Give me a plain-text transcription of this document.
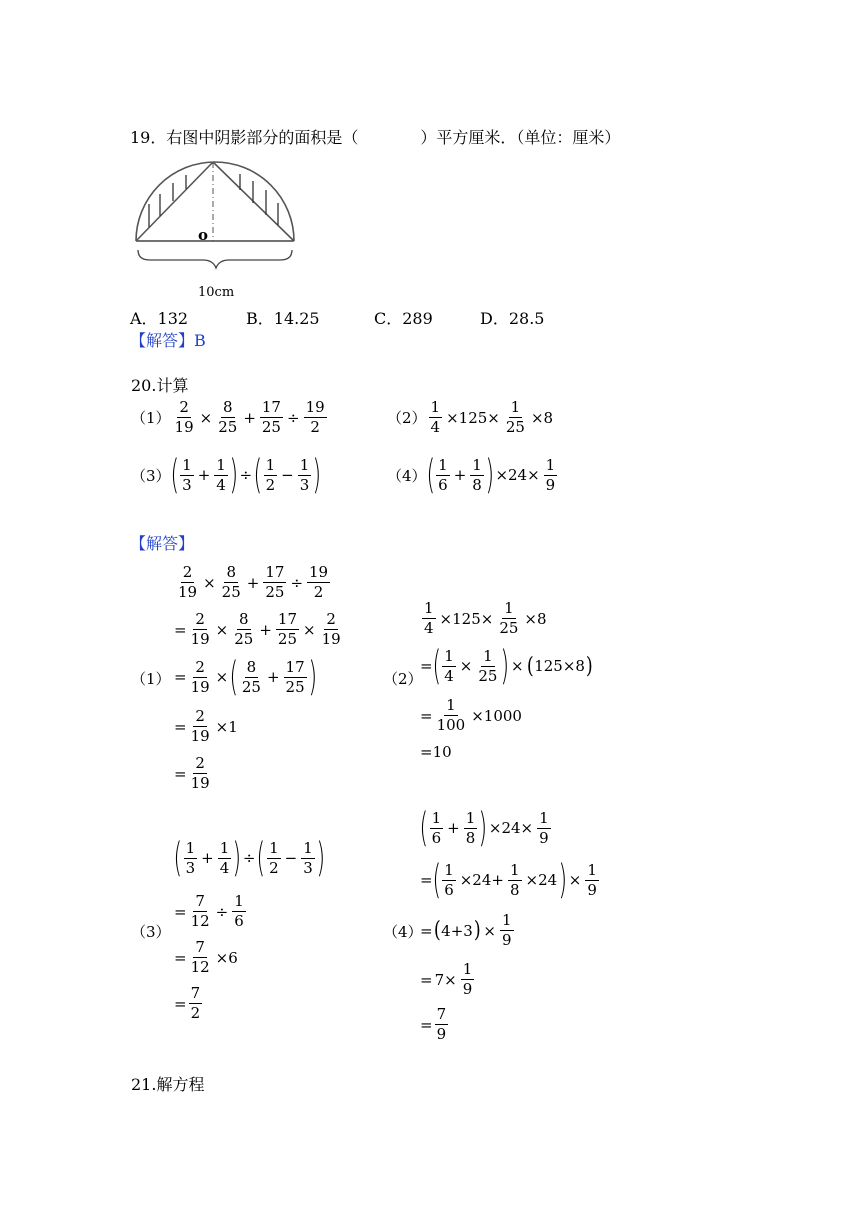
19．右图中阴影部分的面积是（	）平方厘米．（单位：厘米）
o
10cm
A．132	B．14.25	C．289	D．28.5
【解答】B
20.计算
$(1) \frac{2}{19} \times \frac{8}{25} + \frac{17}{25} \div \frac{19}{2}$	$(2) \frac{1}{4} \times 125\times \frac{1}{25} \times 8$
（3） ( $\frac{1}{3} + \frac{1}{4}$ ) ÷ ( $\frac{1}{2} - \frac{1}{3}$ )	（4） ( $\frac{1}{6} + \frac{1}{8}$ ) $\times 24\times \frac{1}{9}$
【解答】
$\frac{2}{19} \times \frac{8}{25} + \frac{17}{25} \div \frac{19}{2}$
= $\frac{2}{19} \times \frac{8}{25} + \frac{17}{25} \times \frac{2}{19}$
$(1) = \frac{2}{19}$ × ( $\frac{8}{25} + \frac{17}{25}$ )
= $\frac{2}{19} \times 1$
= $\frac{2}{19}$
$\frac{1}{4} \times 125\times \frac{1}{25} \times 8$
（2）
= ( $\frac{1}{4} \times \frac{1}{25}$ ) × ( 125×8 )
= $\frac{1}{100} \times 1000$
=10
( $\frac{1}{3} + \frac{1}{4}$ ) ÷ ( $\frac{1}{2} - \frac{1}{3}$ )
= $\frac{7}{12} \div \frac{1}{6}$
（3）
= $\frac{7}{12} \times 6$
= $\frac{7}{2}$
( $\frac{1}{6} + \frac{1}{8}$ ) $\times 24\times \frac{1}{9}$
= ( $\frac{1}{6} \times 24+ \frac{1}{8} \times 24$ ) × $\frac{1}{9}$
（4）
= ( 4+3 ) × $\frac{1}{9}$
= $7\times \frac{1}{9}$
= $\frac{7}{9}$
21.解方程
